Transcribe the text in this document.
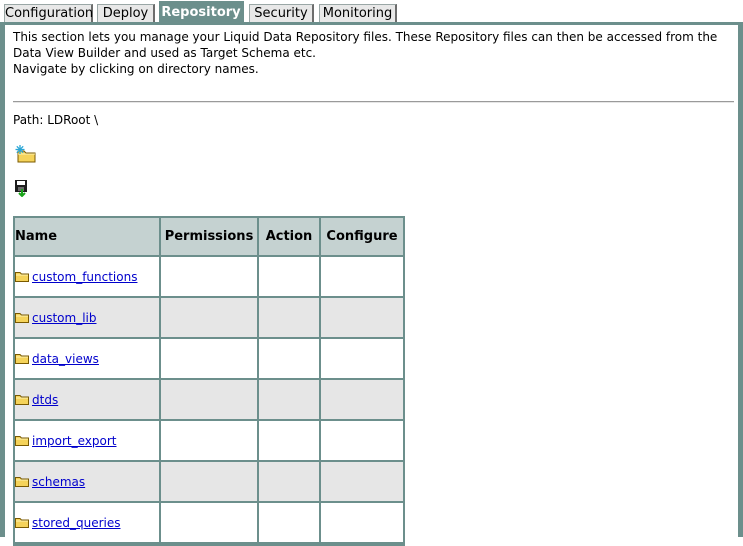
Configuration Deploy	Repository	Security	Monitoring
This section lets you manage your Liquid Data Repository files. These Repository files can then be accessed from the Data View Builder and used as Target Schema etc.
Navigate by clicking on directory names.
Path: LDRoot \
Name	Permissions	Action	Configure

custom_functions			

custom_lib			

data_views			

dtds			

import_export			

schemas			

stored_queries			
